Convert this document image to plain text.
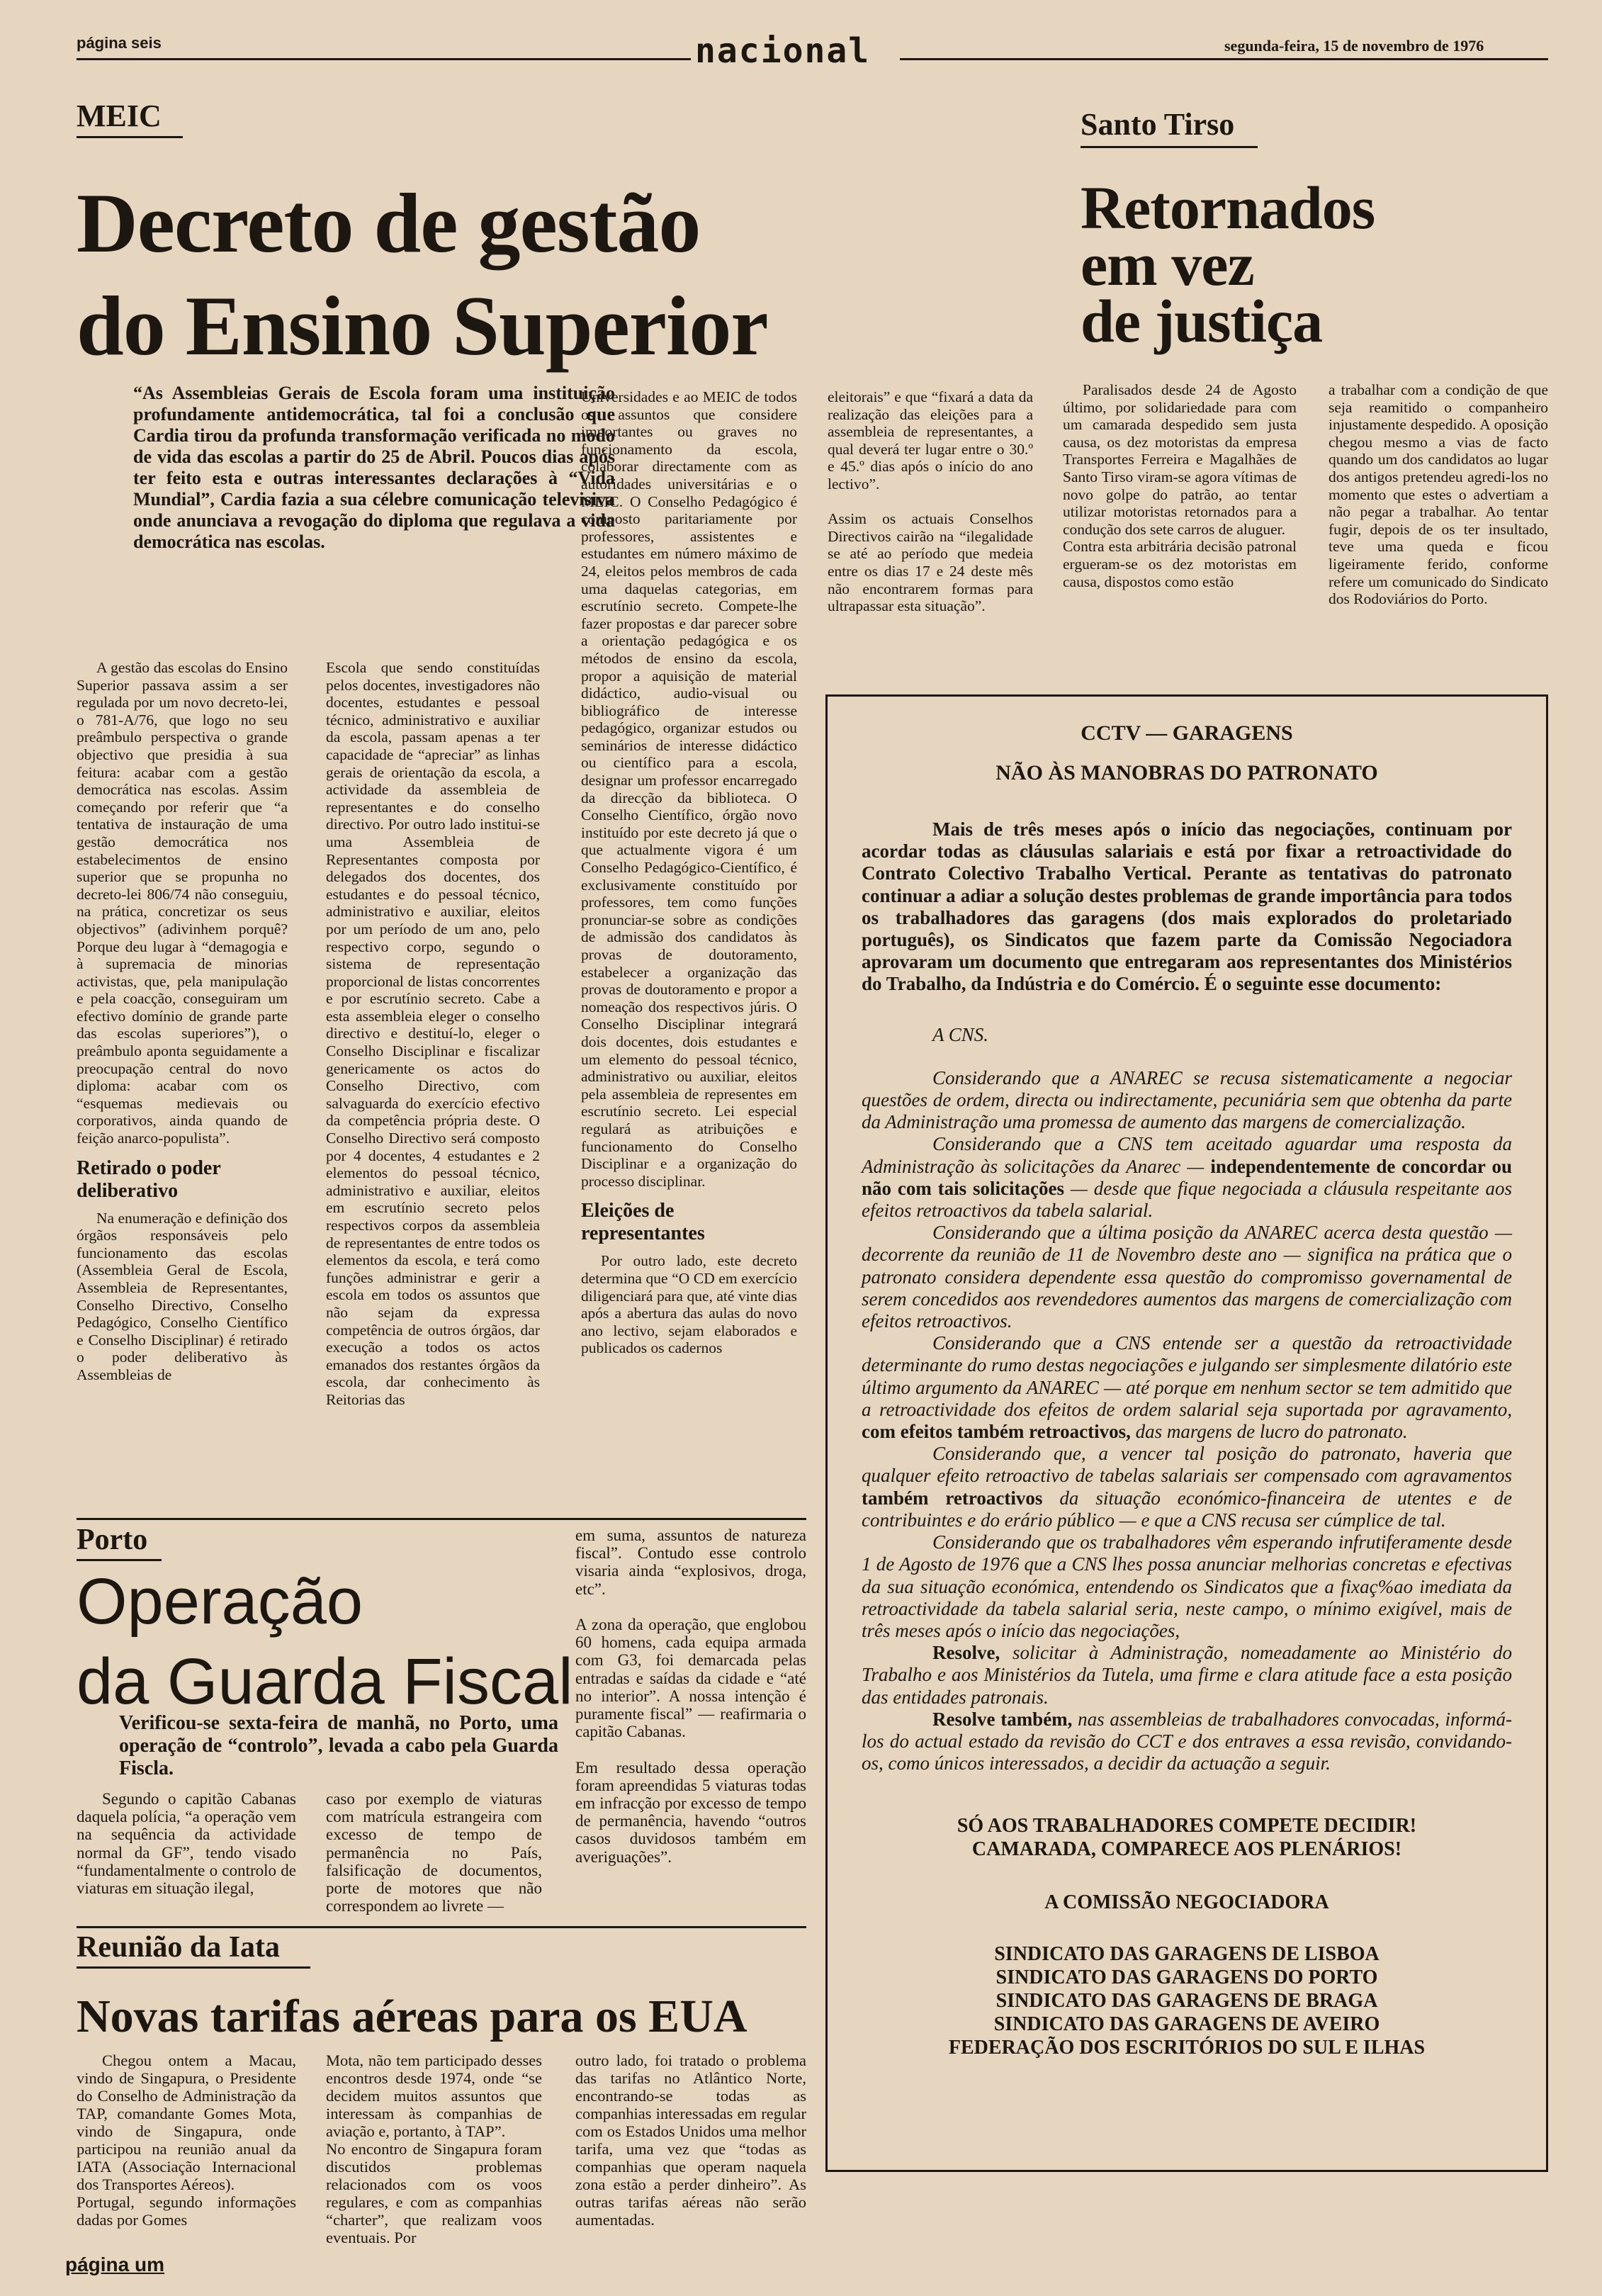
página seis	nacional	segunda-feira, 15 de novembro de 1976
MEIC
Decreto de gestão
do Ensino Superior

“As Assembleias Gerais de Escola foram uma instituição profundamente antidemocrática, tal foi a conclusão que Cardia tirou da profunda transformação verificada no modo de vida das escolas a partir do 25 de Abril. Poucos dias após ter feito esta e outras interessantes declarações à “Vida Mundial”, Cardia fazia a sua célebre comunicação televisiva onde anunciava a revogação do diploma que regulava a vida democrática nas escolas.

A gestão das escolas do Ensino Superior passava assim a ser regulada por um novo decreto-lei, o 781-A/76, que logo no seu preâmbulo perspectiva o grande objectivo que presidia à sua feitura: acabar com a gestão democrática nas escolas. Assim começando por referir que “a tentativa de instauração de uma gestão democrática nos estabelecimentos de ensino superior que se propunha no decreto-lei 806/74 não conseguiu, na prática, concretizar os seus objectivos” (adivinhem porquê? Porque deu lugar à “demagogia e à supremacia de minorias activistas, que, pela manipulação e pela coacção, conseguiram um efectivo domínio de grande parte das escolas superiores”), o preâmbulo aponta seguidamente a preocupação central do novo diploma: acabar com os “esquemas medievais ou corporativos, ainda quando de feição anarco-populista”.

Retirado o poder deliberativo

Na enumeração e definição dos órgãos responsáveis pelo funcionamento das escolas (Assembleia Geral de Escola, Assembleia de Representantes, Conselho Directivo, Conselho Pedagógico, Conselho Científico e Conselho Disciplinar) é retirado o poder deliberativo às Assembleias de

Escola que sendo constituídas pelos docentes, investigadores não docentes, estudantes e pessoal técnico, administrativo e auxiliar da escola, passam apenas a ter capacidade de “apreciar” as linhas gerais de orientação da escola, a actividade da assembleia de representantes e do conselho directivo. Por outro lado institui-se uma Assembleia de Representantes composta por delegados dos docentes, dos estudantes e do pessoal técnico, administrativo e auxiliar, eleitos por um período de um ano, pelo respectivo corpo, segundo o sistema de representação proporcional de listas concorrentes e por escrutínio secreto. Cabe a esta assembleia eleger o conselho directivo e destituí-lo, eleger o Conselho Disciplinar e fiscalizar genericamente os actos do Conselho Directivo, com salvaguarda do exercício efectivo da competência própria deste. O Conselho Directivo será composto por 4 docentes, 4 estudantes e 2 elementos do pessoal técnico, administrativo e auxiliar, eleitos em escrutínio secreto pelos respectivos corpos da assembleia de representantes de entre todos os elementos da escola, e terá como funções administrar e gerir a escola em todos os assuntos que não sejam da expressa competência de outros órgãos, dar execução a todos os actos emanados dos restantes órgãos da escola, dar conhecimento às Reitorias das

Universidades e ao MEIC de todos os assuntos que considere importantes ou graves no funcionamento da escola, colaborar directamente com as autoridades universitárias e o MEIC. O Conselho Pedagógico é composto paritariamente por professores, assistentes e estudantes em número máximo de 24, eleitos pelos membros de cada uma daquelas categorias, em escrutínio secreto. Compete-lhe fazer propostas e dar parecer sobre a orientação pedagógica e os métodos de ensino da escola, propor a aquisição de material didáctico, audio-visual ou bibliográfico de interesse pedagógico, organizar estudos ou seminários de interesse didáctico ou científico para a escola, designar um professor encarregado da direcção da biblioteca. O Conselho Científico, órgão novo instituído por este decreto já que o que actualmente vigora é um Conselho Pedagógico-Científico, é exclusivamente constituído por professores, tem como funções pronunciar-se sobre as condições de admissão dos candidatos às provas de doutoramento, estabelecer a organização das provas de doutoramento e propor a nomeação dos respectivos júris. O Conselho Disciplinar integrará dois docentes, dois estudantes e um elemento do pessoal técnico, administrativo ou auxiliar, eleitos pela assembleia de representes em escrutínio secreto. Lei especial regulará as atribuições e funcionamento do Conselho Disciplinar e a organização do processo disciplinar.

Eleições de representantes

Por outro lado, este decreto determina que “O CD em exercício diligenciará para que, até vinte dias após a abertura das aulas do novo ano lectivo, sejam elaborados e publicados os cadernos

eleitorais” e que “fixará a data da realização das eleições para a assembleia de representantes, a qual deverá ter lugar entre o 30.º e 45.º dias após o início do ano lectivo”.

Assim os actuais Conselhos Directivos cairão na “ilegalidade se até ao período que medeia entre os dias 17 e 24 deste mês não encontrarem formas para ultrapassar esta situação”.

Santo Tirso
Retornados
em vez
de justiça

Paralisados desde 24 de Agosto último, por solidariedade para com um camarada despedido sem justa causa, os dez motoristas da empresa Transportes Ferreira e Magalhães de Santo Tirso viram-se agora vítimas de novo golpe do patrão, ao tentar utilizar motoristas retornados para a condução dos sete carros de aluguer.
Contra esta arbitrária decisão patronal ergueram-se os dez motoristas em causa, dispostos como estão

a trabalhar com a condição de que seja reamitido o companheiro injustamente despedido. A oposição chegou mesmo a vias de facto quando um dos candidatos ao lugar dos antigos pretendeu agredi-los no momento que estes o advertiam a não pegar a trabalhar. Ao tentar fugir, depois de os ter insultado, teve uma queda e ficou ligeiramente ferido, conforme refere um comunicado do Sindicato dos Rodoviários do Porto.

CCTV — GARAGENS
NÃO ÀS MANOBRAS DO PATRONATO
Mais de três meses após o início das negociações, continuam por acordar todas as cláusulas salariais e está por fixar a retroactividade do Contrato Colectivo Trabalho Vertical. Perante as tentativas do patronato continuar a adiar a solução destes problemas de grande importância para todos os trabalhadores das garagens (dos mais explorados do proletariado português), os Sindicatos que fazem parte da Comissão Negociadora aprovaram um documento que entregaram aos representantes dos Ministérios do Trabalho, da Indústria e do Comércio. É o seguinte esse documento:
A CNS.

Considerando que a ANAREC se recusa sistematicamente a negociar questões de ordem, directa ou indirectamente, pecuniária sem que obtenha da parte da Administração uma promessa de aumento das margens de comercialização.

Considerando que a CNS tem aceitado aguardar uma resposta da Administração às solicitações da Anarec — independentemente de concordar ou não com tais solicitações — desde que fique negociada a cláusula respeitante aos efeitos retroactivos da tabela salarial.

Considerando que a última posição da ANAREC acerca desta questão — decorrente da reunião de 11 de Novembro deste ano — significa na prática que o patronato considera dependente essa questão do compromisso governamental de serem concedidos aos revendedores aumentos das margens de comercialização com efeitos retroactivos.

Considerando que a CNS entende ser a questão da retroactividade determinante do rumo destas negociações e julgando ser simplesmente dilatório este último argumento da ANAREC — até porque em nenhum sector se tem admitido que a retroactividade dos efeitos de ordem salarial seja suportada por agravamento, com efeitos também retroactivos, das margens de lucro do patronato.

Considerando que, a vencer tal posição do patronato, haveria que qualquer efeito retroactivo de tabelas salariais ser compensado com agravamentos também retroactivos da situação económico-financeira de utentes e de contribuintes e do erário público — e que a CNS recusa ser cúmplice de tal.

Considerando que os trabalhadores vêm esperando infrutiferamente desde 1 de Agosto de 1976 que a CNS lhes possa anunciar melhorias concretas e efectivas da sua situação económica, entendendo os Sindicatos que a fixaç%ao imediata da retroactividade da tabela salarial seria, neste campo, o mínimo exigível, mais de três meses após o início das negociações,

Resolve, solicitar à Administração, nomeadamente ao Ministério do Trabalho e aos Ministérios da Tutela, uma firme e clara atitude face a esta posição das entidades patronais.

Resolve também, nas assembleias de trabalhadores convocadas, informá-los do actual estado da revisão do CCT e dos entraves a essa revisão, convidando-os, como únicos interessados, a decidir da actuação a seguir.

SÓ AOS TRABALHADORES COMPETE DECIDIR!
CAMARADA, COMPARECE AOS PLENÁRIOS!
A COMISSÃO NEGOCIADORA
SINDICATO DAS GARAGENS DE LISBOA
SINDICATO DAS GARAGENS DO PORTO
SINDICATO DAS GARAGENS DE BRAGA
SINDICATO DAS GARAGENS DE AVEIRO
FEDERAÇÃO DOS ESCRITÓRIOS DO SUL E ILHAS
Porto
Operação
da Guarda Fiscal

Verificou-se sexta-feira de manhã, no Porto, uma operação de “controlo”, levada a cabo pela Guarda Fiscla.

Segundo o capitão Cabanas daquela polícia, “a operação vem na sequência da actividade normal da GF”, tendo visado “fundamentalmente o controlo de viaturas em situação ilegal,

caso por exemplo de viaturas com matrícula estrangeira com excesso de tempo de permanência no País, falsificação de documentos, porte de motores que não correspondem ao livrete —

em suma, assuntos de natureza fiscal”. Contudo esse controlo visaria ainda “explosivos, droga, etc”.

A zona da operação, que englobou 60 homens, cada equipa armada com G3, foi demarcada pelas entradas e saídas da cidade e “até no interior”. A nossa intenção é puramente fiscal” — reafirmaria o capitão Cabanas.

Em resultado dessa operação foram apreendidas 5 viaturas todas em infracção por excesso de tempo de permanência, havendo “outros casos duvidosos também em averiguações”.

Reunião da Iata
Novas tarifas aéreas para os EUA

Chegou ontem a Macau, vindo de Singapura, o Presidente do Conselho de Administração da TAP, comandante Gomes Mota, vindo de Singapura, onde participou na reunião anual da IATA (Associação Internacional dos Transportes Aéreos).
Portugal, segundo informações dadas por Gomes

Mota, não tem participado desses encontros desde 1974, onde “se decidem muitos assuntos que interessam às companhias de aviação e, portanto, à TAP”.
No encontro de Singapura foram discutidos problemas relacionados com os voos regulares, e com as companhias “charter”, que realizam voos eventuais. Por

outro lado, foi tratado o problema das tarifas no Atlântico Norte, encontrando-se todas as companhias interessadas em regular com os Estados Unidos uma melhor tarifa, uma vez que “todas as companhias que operam naquela zona estão a perder dinheiro”. As outras tarifas aéreas não serão aumentadas.

página um
